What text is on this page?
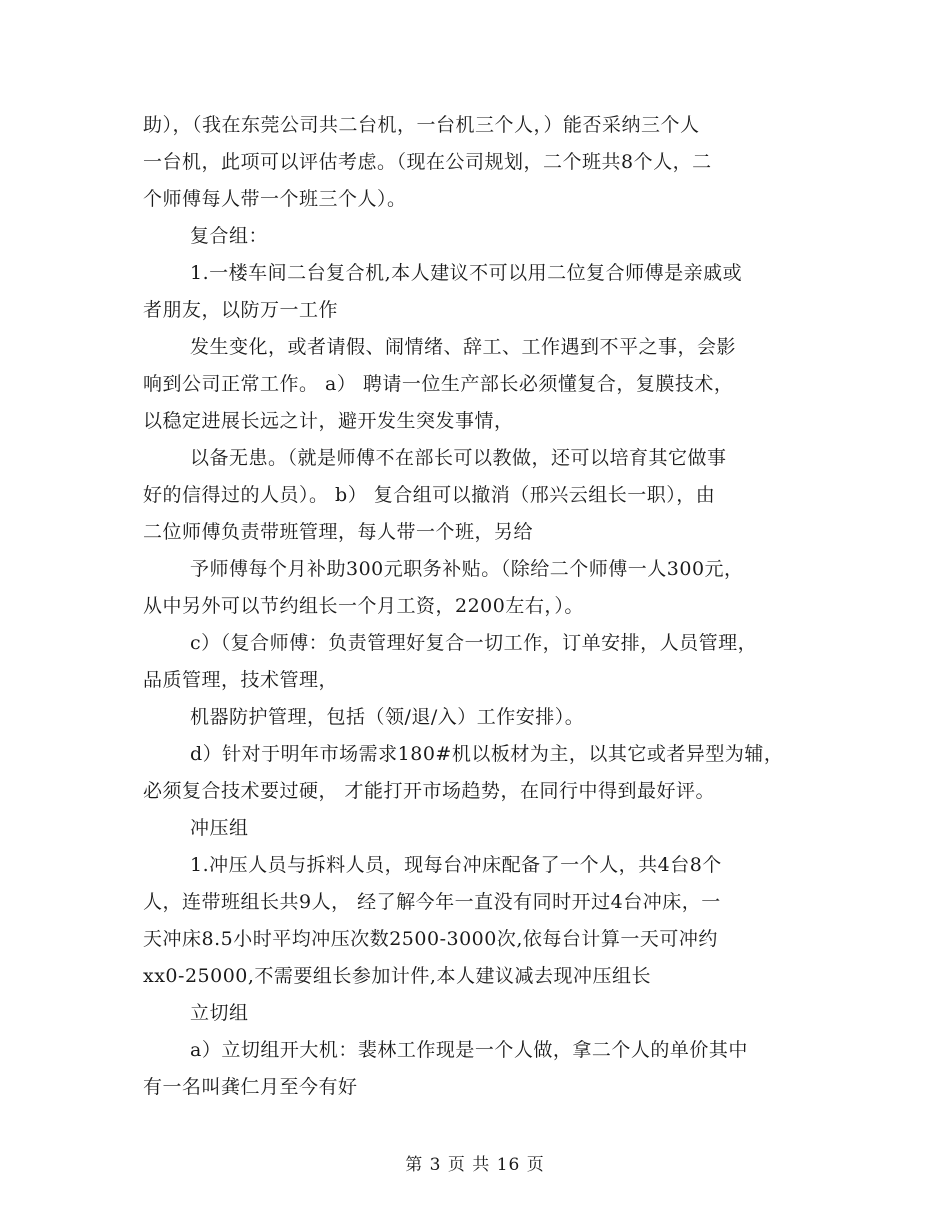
助），（我在东莞公司共二台机，一台机三个人，）能否采纳三个人
一台机，此项可以评估考虑。（现在公司规划，二个班共8个人，二
个师傅每人带一个班三个人）。
复合组：
1.一楼车间二台复合机,本人建议不可以用二位复合师傅是亲戚或
者朋友，以防万一工作
发生变化，或者请假、闹情绪、辞工、工作遇到不平之事，会影
响到公司正常工作。 a） 聘请一位生产部长必须懂复合，复膜技术，
以稳定进展长远之计，避开发生突发事情，
以备无患。（就是师傅不在部长可以教做，还可以培育其它做事
好的信得过的人员）。 b） 复合组可以撤消（邢兴云组长一职），由
二位师傅负责带班管理，每人带一个班，另给
予师傅每个月补助300元职务补贴。（除给二个师傅一人300元，
从中另外可以节约组长一个月工资，2200左右，）。
c）（复合师傅：负责管理好复合一切工作，订单安排，人员管理，
品质管理，技术管理，
机器防护管理，包括（领/退/入）工作安排）。
d）针对于明年市场需求180#机以板材为主，以其它或者异型为辅，
必须复合技术要过硬， 才能打开市场趋势，在同行中得到最好评。
冲压组
1.冲压人员与拆料人员，现每台冲床配备了一个人，共4台8个
人，连带班组长共9人， 经了解今年一直没有同时开过4台冲床，一
天冲床8.5小时平均冲压次数2500-3000次,依每台计算一天可冲约
xx0-25000,不需要组长参加计件,本人建议减去现冲压组长
立切组
a）立切组开大机：裴林工作现是一个人做，拿二个人的单价其中
有一名叫龚仁月至今有好
第 3 页 共 16 页
